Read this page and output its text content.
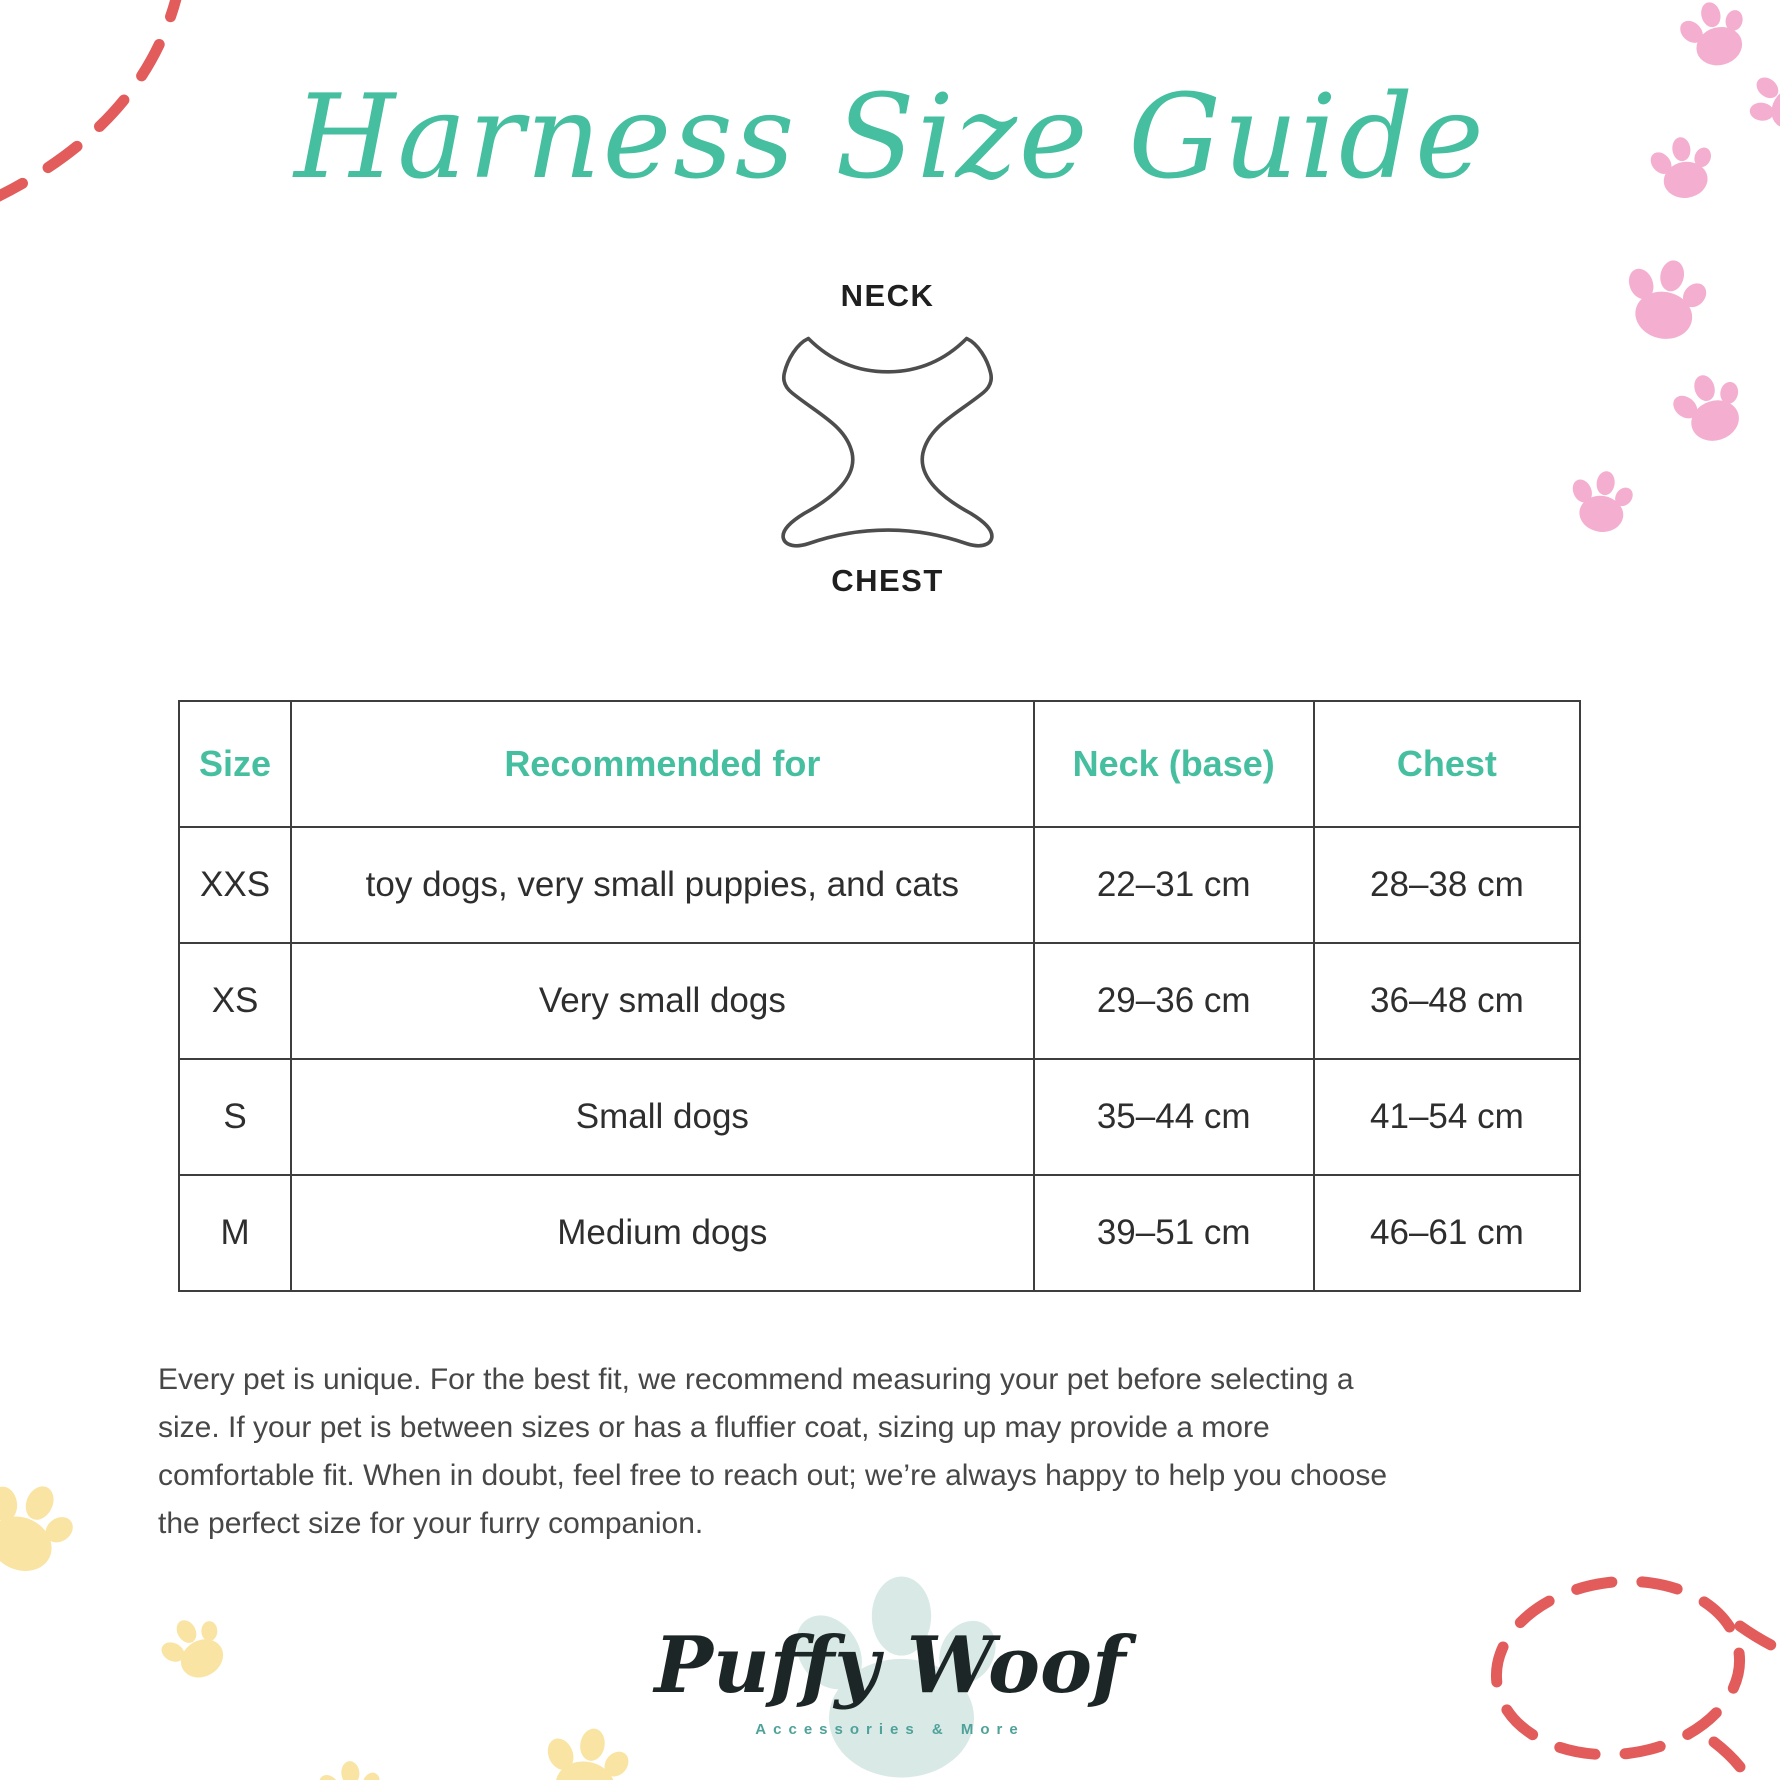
Harness Size Guide
NECK
CHEST
Size	Recommended for	Neck (base)	Chest
XXS	toy dogs, very small puppies, and cats	22–31 cm	28–38 cm
XS	Very small dogs	29–36 cm	36–48 cm
S	Small dogs	35–44 cm	41–54 cm
M	Medium dogs	39–51 cm	46–61 cm
Every pet is unique. For the best fit, we recommend measuring your pet before selecting a size. If your pet is between sizes or has a fluffier coat, sizing up may provide a more comfortable fit. When in doubt, feel free to reach out; we’re always happy to help you choose the perfect size for your furry companion.
Puffy Woof
Accessories & More
